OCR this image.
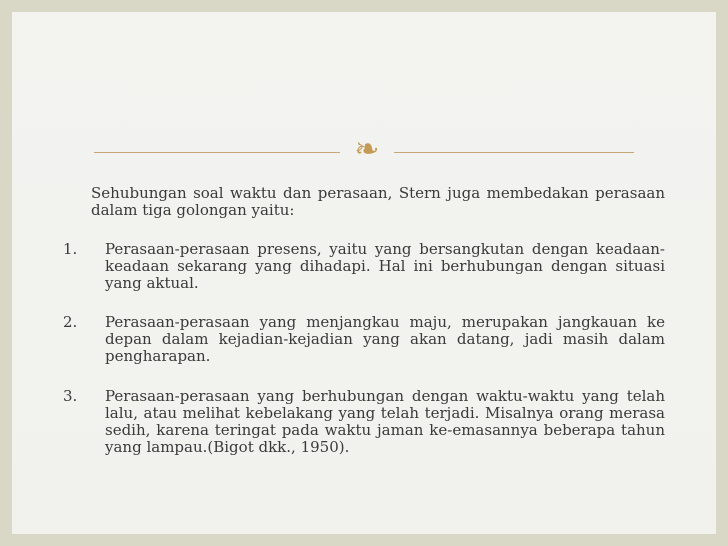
❧
Sehubungan soal waktu dan perasaan, Stern juga membedakan perasaan dalam tiga golongan yaitu:
1.	Perasaan-perasaan presens, yaitu yang bersangkutan dengan keadaan-keadaan sekarang yang dihadapi. Hal ini berhubungan dengan situasi yang aktual.
2.	Perasaan-perasaan yang menjangkau maju, merupakan jangkauan ke depan dalam kejadian-kejadian yang akan datang, jadi masih dalam pengharapan.
3.	Perasaan-perasaan yang berhubungan dengan waktu-waktu yang telah lalu, atau melihat kebelakang yang telah terjadi. Misalnya orang merasa sedih, karena teringat pada waktu jaman ke-emasannya beberapa tahun yang lampau.(Bigot dkk., 1950).
